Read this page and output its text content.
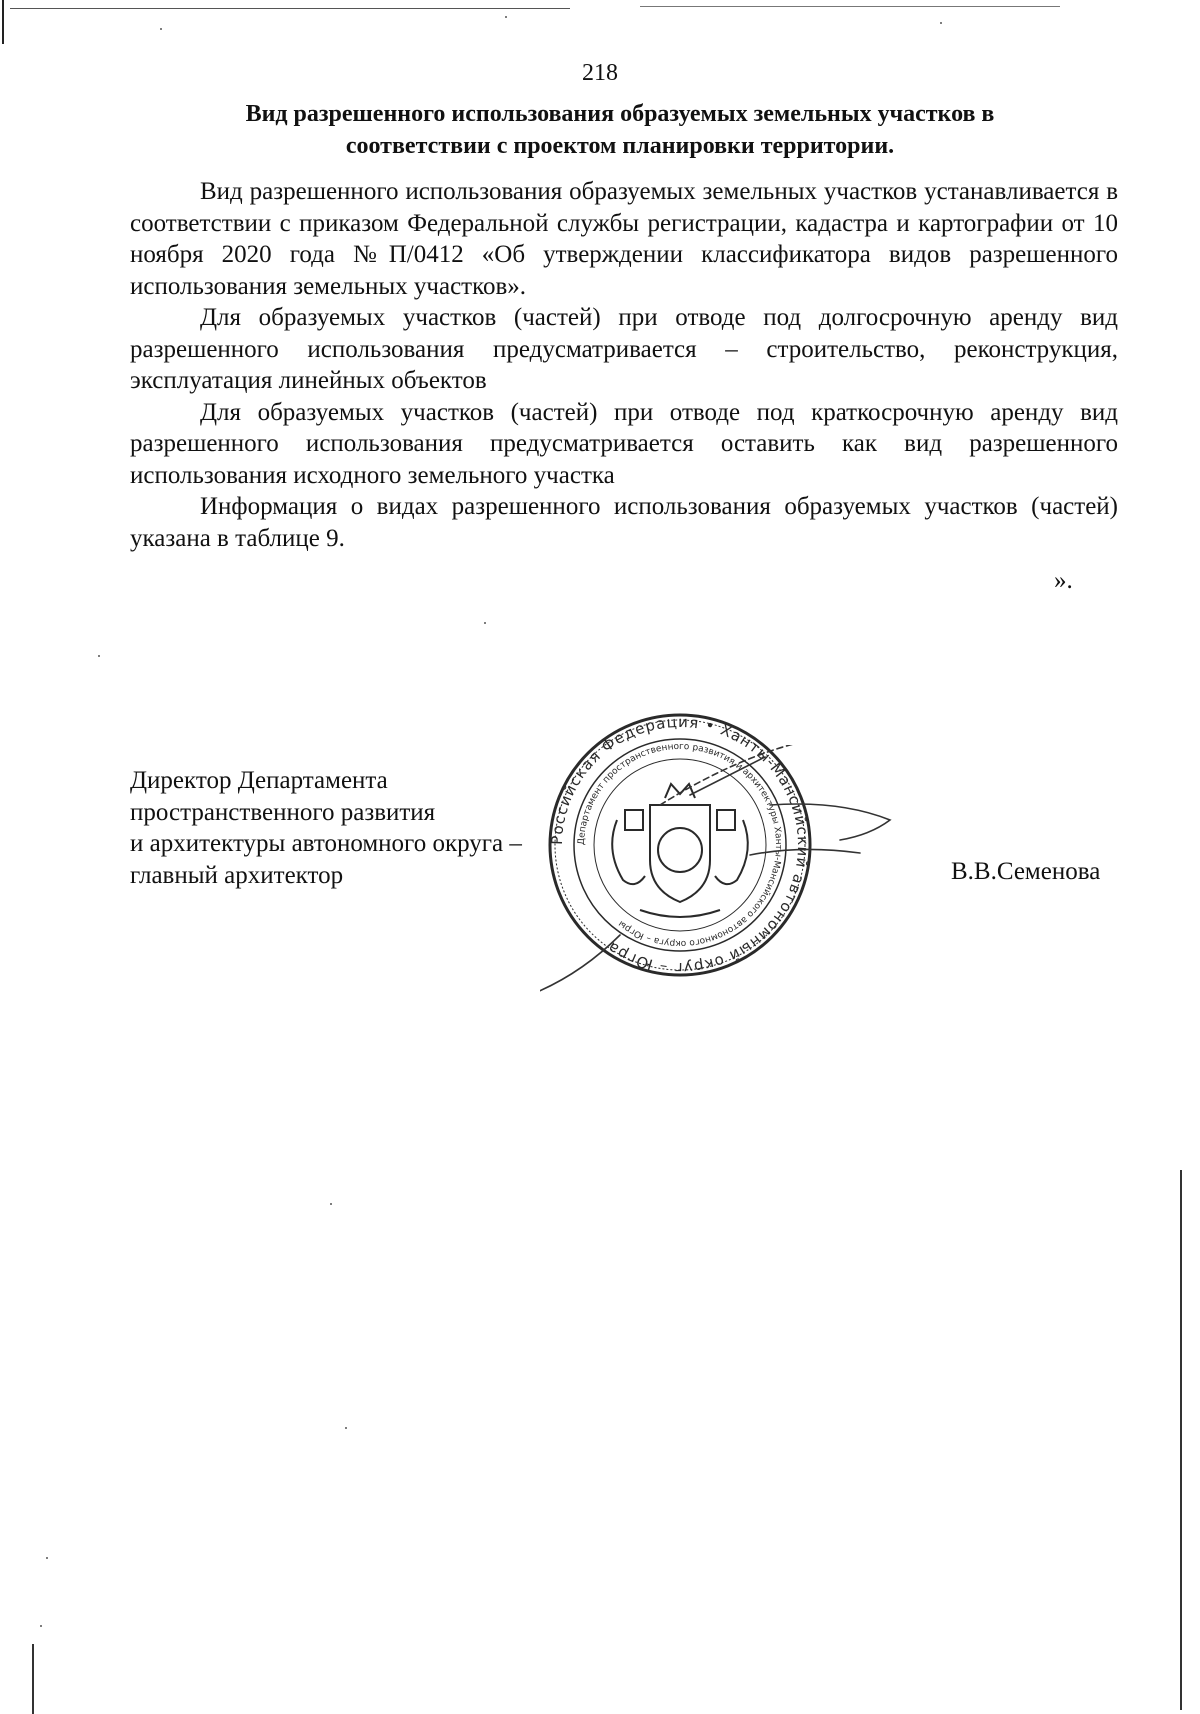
218
Вид разрешенного использования образуемых земельных участков в
соответствии с проектом планировки территории.

Вид разрешенного использования образуемых земельных участков устанавливается в соответствии с приказом Федеральной службы регистрации, кадастра и картографии от 10 ноября 2020 года №П/0412 «Об утверждении классификатора видов разрешенного использования земельных участков».

Для образуемых участков (частей) при отводе под долгосрочную аренду вид разрешенного использования предусматривается – строительство, реконструкция, эксплуатация линейных объектов

Для образуемых участков (частей) при отводе под краткосрочную аренду вид разрешенного использования предусматривается оставить как вид разрешенного использования исходного земельного участка

Информация о видах разрешенного использования образуемых участков (частей) указана в таблице 9.

».
Директор Департамента
пространственного развития
и архитектуры автономного округа –
главный архитектор
Российская Федерация • Ханты-Мансийский автономный округ – Югра
Департамент пространственного развития и архитектуры Ханты-Мансийского автономного округа – Югры
В.В.Семенова
